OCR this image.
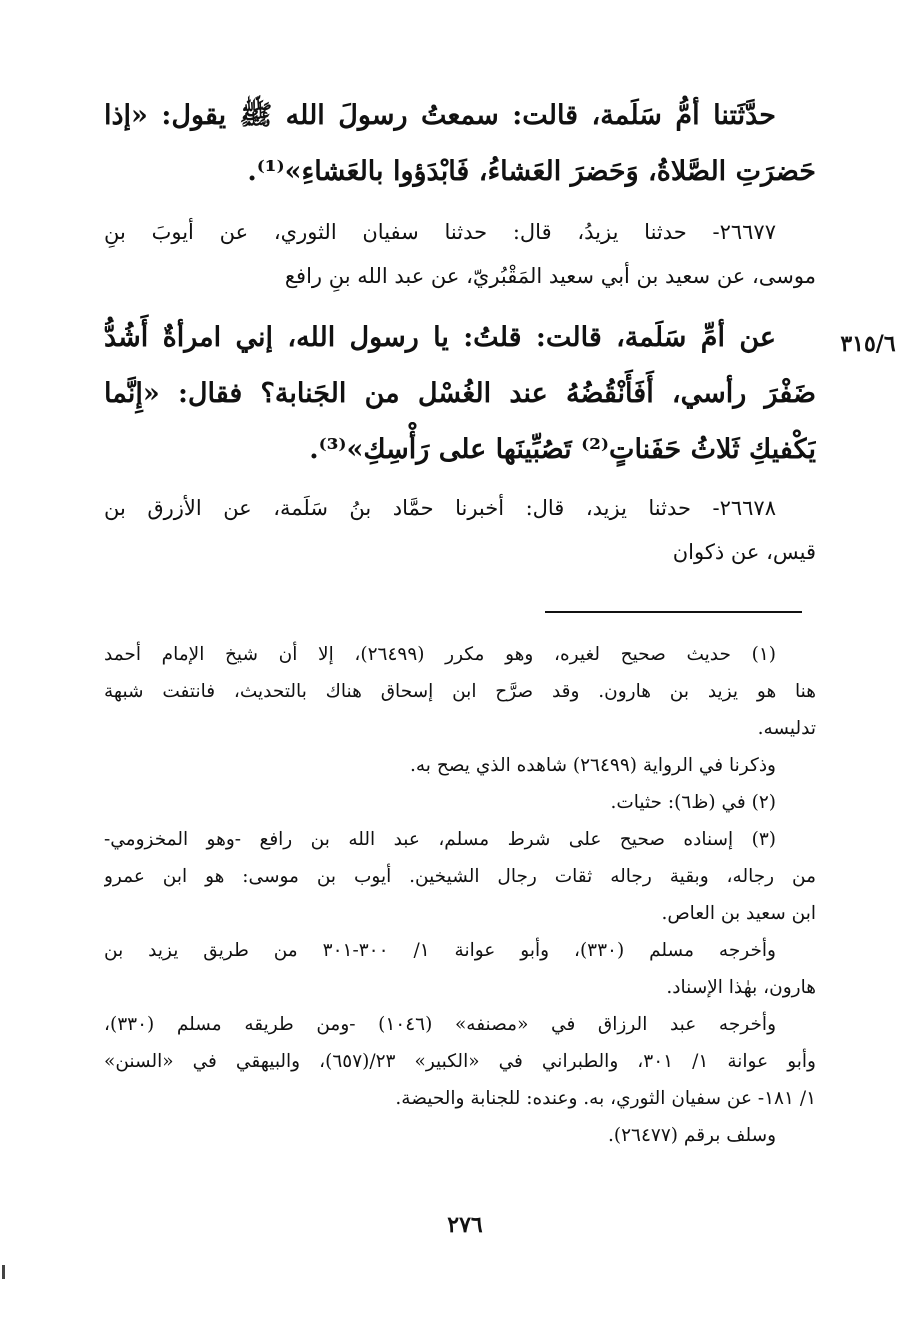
حدَّثَتنا أمُّ سَلَمة، قالت: سمعتُ رسولَ الله ﷺ يقول: «إذا
حَضرَتِ الصَّلاةُ، وَحَضرَ العَشاءُ، فَابْدَؤوا بالعَشاءِ»⁽¹⁾.
٢٦٦٧٧- حدثنا يزيدُ، قال: حدثنا سفيان الثوري، عن أيوبَ بنِ
موسى، عن سعيد بن أبي سعيد المَقْبُريّ، عن عبد الله بنِ رافع
عن أمِّ سَلَمة، قالت: قلتُ: يا رسول الله، إني امرأةٌ أَشُدُّ
ضَفْرَ رأسي، أَفَأَنْقُضُهُ عند الغُسْل من الجَنابة؟ فقال: «إِنَّما
يَكْفيكِ ثَلاثُ حَفَناتٍ⁽²⁾ تَصُبِّينَها على رَأْسِكِ»⁽³⁾.
٣١٥/٦
٢٦٦٧٨- حدثنا يزيد، قال: أخبرنا حمَّاد بنُ سَلَمة، عن الأزرق بن
قيس، عن ذكوان
(١) حديث صحيح لغيره، وهو مكرر (٢٦٤٩٩)، إلا أن شيخ الإمام أحمد
هنا هو يزيد بن هارون. وقد صرَّح ابن إسحاق هناك بالتحديث، فانتفت شبهة
تدليسه.
وذكرنا في الرواية (٢٦٤٩٩) شاهده الذي يصح به.
(٢) في (ظ٦): حثيات.
(٣) إسناده صحيح على شرط مسلم، عبد الله بن رافع -وهو المخزومي-
من رجاله، وبقية رجاله ثقات رجال الشيخين. أيوب بن موسى: هو ابن عمرو
ابن سعيد بن العاص.
وأخرجه مسلم (٣٣٠)، وأبو عوانة ١/ ٣٠٠-٣٠١ من طريق يزيد بن
هارون، بهٰذا الإسناد.
وأخرجه عبد الرزاق في «مصنفه» (١٠٤٦) -ومن طريقه مسلم (٣٣٠)،
وأبو عوانة ١/ ٣٠١، والطبراني في «الكبير» ٢٣/(٦٥٧)، والبيهقي في «السنن»
١/ ١٨١- عن سفيان الثوري، به. وعنده: للجنابة والحيضة.
وسلف برقم (٢٦٤٧٧).
٢٧٦
